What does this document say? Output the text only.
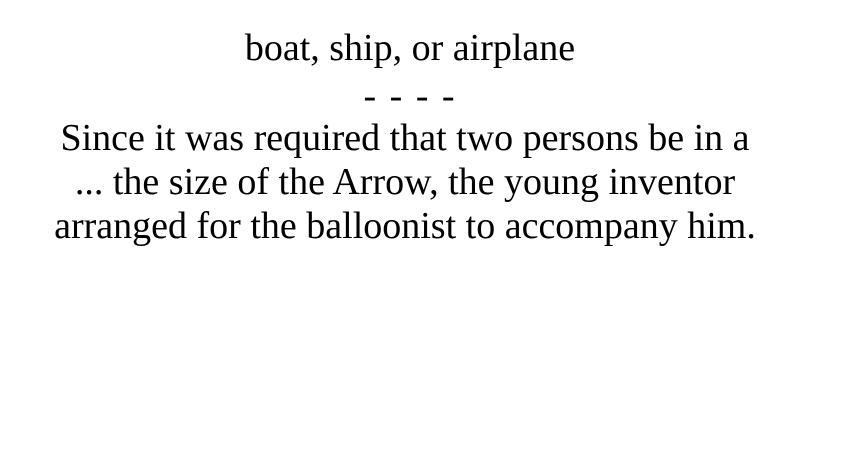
boat, ship, or airplane

- - - -

Since it was required that two persons be in a
... the size of the Arrow, the young inventor
arranged for the balloonist to accompany him.
